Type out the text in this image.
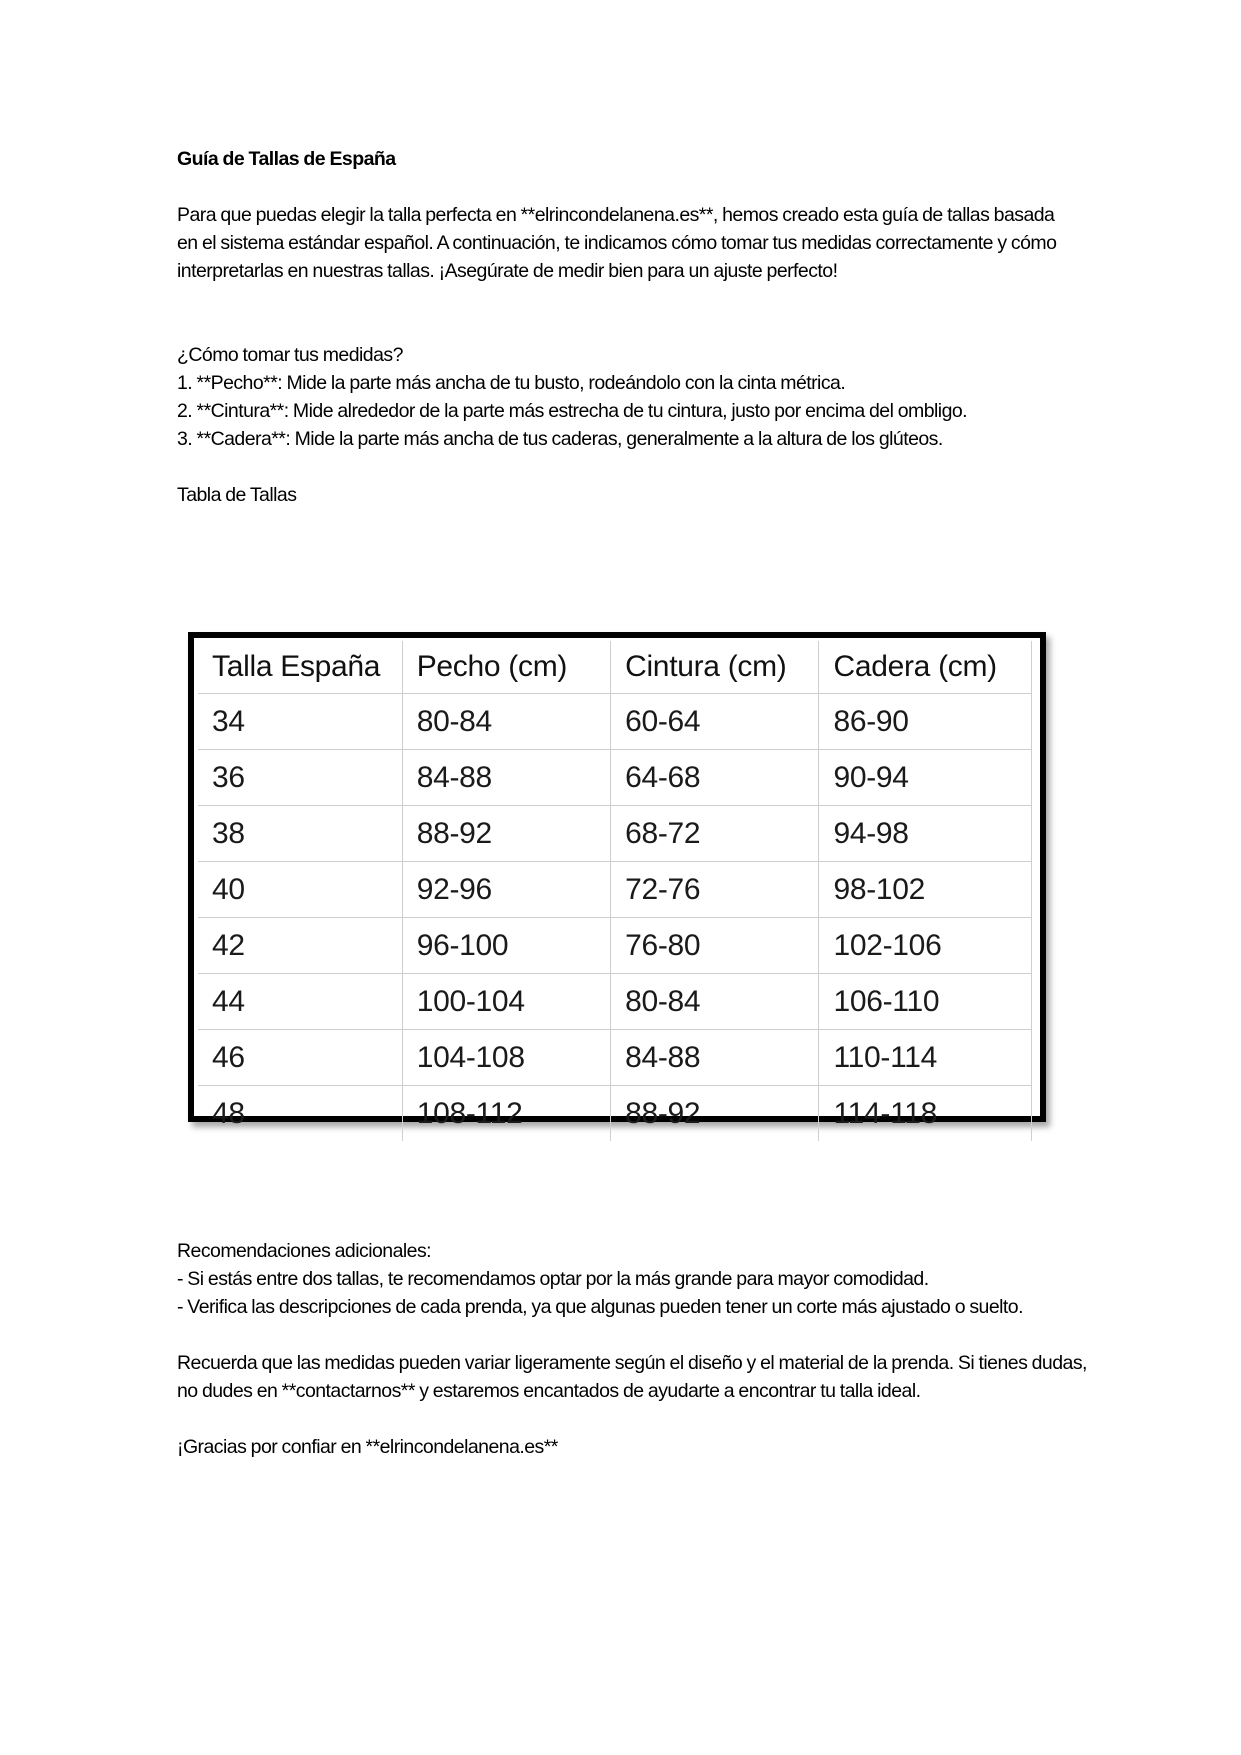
Guía de Tallas de España

Para que puedas elegir la talla perfecta en **elrincondelanena.es**, hemos creado esta guía de tallas basada en el sistema estándar español. A continuación, te indicamos cómo tomar tus medidas correctamente y cómo interpretarlas en nuestras tallas. ¡Asegúrate de medir bien para un ajuste perfecto!

¿Cómo tomar tus medidas?

1. **Pecho**: Mide la parte más ancha de tu busto, rodeándolo con la cinta métrica.

2. **Cintura**: Mide alrededor de la parte más estrecha de tu cintura, justo por encima del ombligo.

3. **Cadera**: Mide la parte más ancha de tus caderas, generalmente a la altura de los glúteos.

Tabla de Tallas

Talla España	Pecho (cm)	Cintura (cm)	Cadera (cm)
34	80-84	60-64	86-90
36	84-88	64-68	90-94
38	88-92	68-72	94-98
40	92-96	72-76	98-102
42	96-100	76-80	102-106
44	100-104	80-84	106-110
46	104-108	84-88	110-114
48	108-112	88-92	114-118

Recomendaciones adicionales:

- Si estás entre dos tallas, te recomendamos optar por la más grande para mayor comodidad.

- Verifica las descripciones de cada prenda, ya que algunas pueden tener un corte más ajustado o suelto.

Recuerda que las medidas pueden variar ligeramente según el diseño y el material de la prenda. Si tienes dudas, no dudes en **contactarnos** y estaremos encantados de ayudarte a encontrar tu talla ideal.

¡Gracias por confiar en **elrincondelanena.es**
